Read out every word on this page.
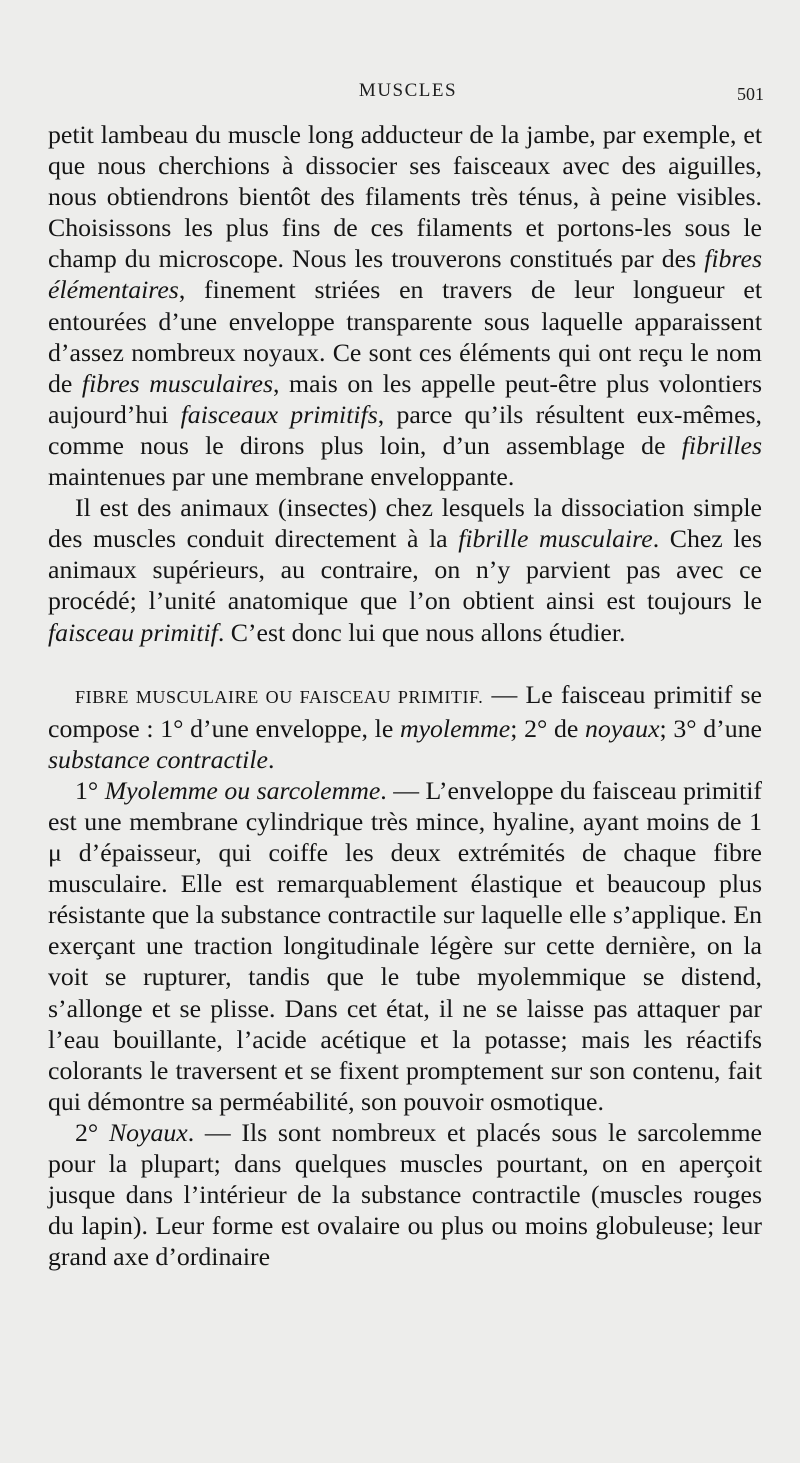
MUSCLES	501

petit lambeau du muscle long adducteur de la jambe, par exemple, et que nous cherchions à dissocier ses faisceaux avec des aiguilles, nous obtiendrons bientôt des filaments très ténus, à peine visibles. Choisissons les plus fins de ces filaments et portons-les sous le champ du microscope. Nous les trouverons constitués par des fibres élémentaires, finement striées en travers de leur longueur et entourées d’une enveloppe transparente sous laquelle apparaissent d’assez nombreux noyaux. Ce sont ces éléments qui ont reçu le nom de fibres musculaires, mais on les appelle peut-être plus volontiers aujourd’hui faisceaux primitifs, parce qu’ils résultent eux-mêmes, comme nous le dirons plus loin, d’un assemblage de fibrilles maintenues par une membrane enveloppante.

Il est des animaux (insectes) chez lesquels la dissociation simple des muscles conduit directement à la fibrille musculaire. Chez les animaux supérieurs, au contraire, on n’y parvient pas avec ce procédé; l’unité anatomique que l’on obtient ainsi est toujours le faisceau primitif. C’est donc lui que nous allons étudier.

FIBRE MUSCULAIRE OU FAISCEAU PRIMITIF. — Le faisceau primitif se compose : 1° d’une enveloppe, le myolemme; 2° de noyaux; 3° d’une substance contractile.

1° Myolemme ou sarcolemme. — L’enveloppe du faisceau primitif est une membrane cylindrique très mince, hyaline, ayant moins de 1 μ d’épaisseur, qui coiffe les deux extrémités de chaque fibre musculaire. Elle est remarquablement élastique et beaucoup plus résistante que la substance contractile sur laquelle elle s’applique. En exerçant une traction longitudinale légère sur cette dernière, on la voit se rupturer, tandis que le tube myolemmique se distend, s’allonge et se plisse. Dans cet état, il ne se laisse pas attaquer par l’eau bouillante, l’acide acétique et la potasse; mais les réactifs colorants le traversent et se fixent promptement sur son contenu, fait qui démontre sa perméabilité, son pouvoir osmotique.

2° Noyaux. — Ils sont nombreux et placés sous le sarcolemme pour la plupart; dans quelques muscles pourtant, on en aperçoit jusque dans l’intérieur de la substance contractile (muscles rouges du lapin). Leur forme est ovalaire ou plus ou moins globuleuse; leur grand axe d’ordinaire
